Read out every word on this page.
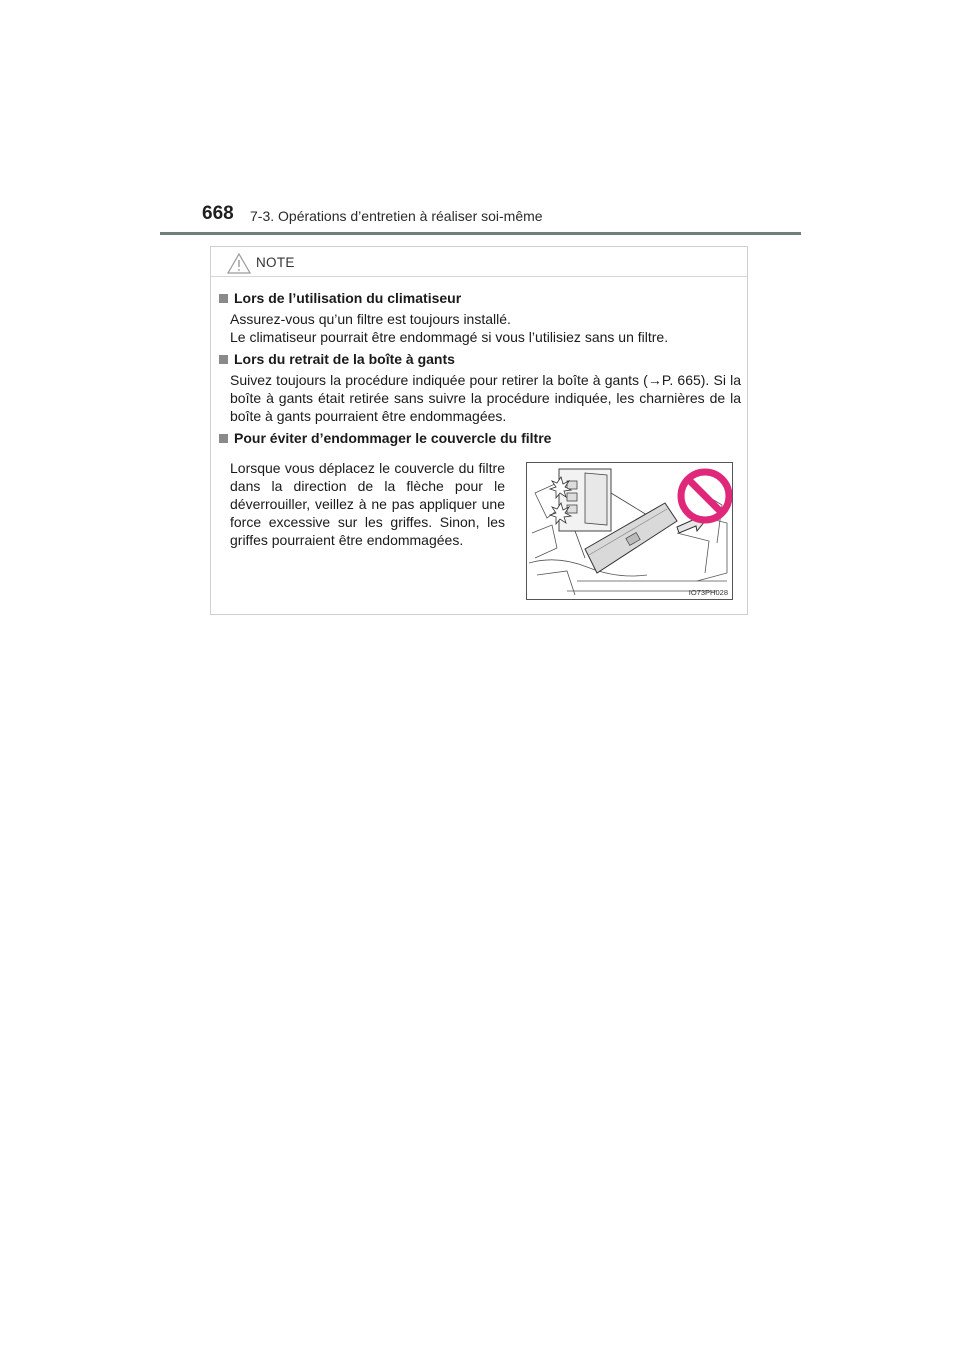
668 7-3. Opérations d’entretien à réaliser soi-même
NOTE
Lors de l’utilisation du climatiseur

Assurez-vous qu’un filtre est toujours installé.

Le climatiseur pourrait être endommagé si vous l’utilisiez sans un filtre.

Lors du retrait de la boîte à gants
Suivez toujours la procédure indiquée pour retirer la boîte à gants (→P. 665). Si la boîte à gants était retirée sans suivre la procédure indiquée, les charnières de la boîte à gants pourraient être endommagées.
Pour éviter d’endommager le couvercle du filtre
Lorsque vous déplacez le couvercle du filtre dans la direction de la flèche pour le déverrouiller, veillez à ne pas appliquer une force excessive sur les griffes. Sinon, les griffes pourraient être endommagées.
IO73PH028
